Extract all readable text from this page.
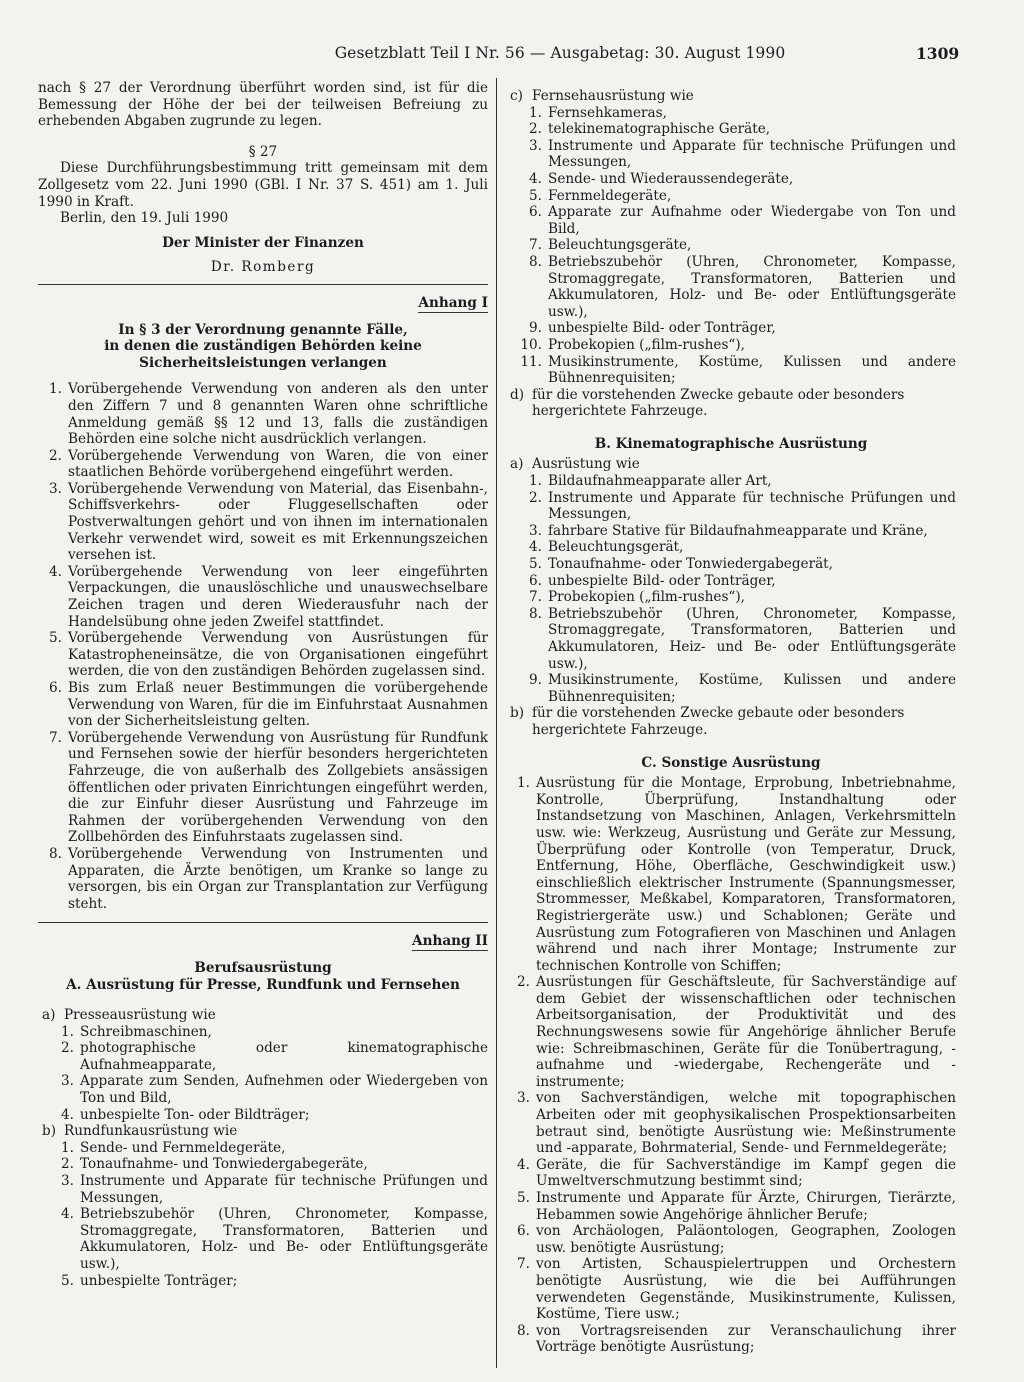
Gesetzblatt Teil I Nr. 56 — Ausgabetag: 30. August 1990	1309

nach § 27 der Verordnung überführt worden sind, ist für die Bemessung der Höhe der bei der teilweisen Befreiung zu erhebenden Abgaben zugrunde zu legen.

§ 27

Diese Durchführungsbestimmung tritt gemeinsam mit dem Zollgesetz vom 22. Juni 1990 (GBl. I Nr. 37 S. 451) am 1. Juli 1990 in Kraft.

Berlin, den 19. Juli 1990

Der Minister der Finanzen

Dr. Romberg

Anhang I
In § 3 der Verordnung genannte Fälle,
in denen die zuständigen Behörden keine
Sicherheitsleistungen verlangen
1. Vorübergehende Verwendung von anderen als den unter den Ziffern 7 und 8 genannten Waren ohne schriftliche Anmeldung gemäß §§ 12 und 13, falls die zuständigen Behörden eine solche nicht ausdrücklich verlangen.
2. Vorübergehende Verwendung von Waren, die von einer staatlichen Behörde vorübergehend eingeführt werden.
3. Vorübergehende Verwendung von Material, das Eisenbahn-, Schiffsverkehrs- oder Fluggesellschaften oder Postverwaltungen gehört und von ihnen im internationalen Verkehr verwendet wird, soweit es mit Erkennungszeichen versehen ist.
4. Vorübergehende Verwendung von leer eingeführten Verpackungen, die unauslöschliche und unauswechselbare Zeichen tragen und deren Wiederausfuhr nach der Handelsübung ohne jeden Zweifel stattfindet.
5. Vorübergehende Verwendung von Ausrüstungen für Katastropheneinsätze, die von Organisationen eingeführt werden, die von den zuständigen Behörden zugelassen sind.
6. Bis zum Erlaß neuer Bestimmungen die vorübergehende Verwendung von Waren, für die im Einfuhrstaat Ausnahmen von der Sicherheitsleistung gelten.
7. Vorübergehende Verwendung von Ausrüstung für Rundfunk und Fernsehen sowie der hierfür besonders hergerichteten Fahrzeuge, die von außerhalb des Zollgebiets ansässigen öffentlichen oder privaten Einrichtungen eingeführt werden, die zur Einfuhr dieser Ausrüstung und Fahrzeuge im Rahmen der vorübergehenden Verwendung von den Zollbehörden des Einfuhrstaats zugelassen sind.
8. Vorübergehende Verwendung von Instrumenten und Apparaten, die Ärzte benötigen, um Kranke so lange zu versorgen, bis ein Organ zur Transplantation zur Verfügung steht.
Anhang II
Berufsausrüstung
A. Ausrüstung für Presse, Rundfunk und Fernsehen
a) Presseausrüstung wie
1. Schreibmaschinen,
2. photographische oder kinematographische Aufnahmeapparate,
3. Apparate zum Senden, Aufnehmen oder Wiedergeben von Ton und Bild,
4. unbespielte Ton- oder Bildträger;
b) Rundfunkausrüstung wie
1. Sende- und Fernmeldegeräte,
2. Tonaufnahme- und Tonwiedergabegeräte,
3. Instrumente und Apparate für technische Prüfungen und Messungen,
4. Betriebszubehör (Uhren, Chronometer, Kompasse, Stromaggregate, Transformatoren, Batterien und Akkumulatoren, Holz- und Be- oder Entlüftungsgeräte usw.),
5. unbespielte Tonträger;
c) Fernsehausrüstung wie
1. Fernsehkameras,
2. telekinematographische Geräte,
3. Instrumente und Apparate für technische Prüfungen und Messungen,
4. Sende- und Wiederaussendegeräte,
5. Fernmeldegeräte,
6. Apparate zur Aufnahme oder Wiedergabe von Ton und Bild,
7. Beleuchtungsgeräte,
8. Betriebszubehör (Uhren, Chronometer, Kompasse, Stromaggregate, Transformatoren, Batterien und Akkumulatoren, Holz- und Be- oder Entlüftungsgeräte usw.),
9. unbespielte Bild- oder Tonträger,
10. Probekopien („film-rushes“),
11. Musikinstrumente, Kostüme, Kulissen und andere Bühnenrequisiten;
d) für die vorstehenden Zwecke gebaute oder besonders hergerichtete Fahrzeuge.
B. Kinematographische Ausrüstung
a) Ausrüstung wie
1. Bildaufnahmeapparate aller Art,
2. Instrumente und Apparate für technische Prüfungen und Messungen,
3. fahrbare Stative für Bildaufnahmeapparate und Kräne,
4. Beleuchtungsgerät,
5. Tonaufnahme- oder Tonwiedergabegerät,
6. unbespielte Bild- oder Tonträger,
7. Probekopien („film-rushes“),
8. Betriebszubehör (Uhren, Chronometer, Kompasse, Stromaggregate, Transformatoren, Batterien und Akkumulatoren, Heiz- und Be- oder Entlüftungsgeräte usw.),
9. Musikinstrumente, Kostüme, Kulissen und andere Bühnenrequisiten;
b) für die vorstehenden Zwecke gebaute oder besonders hergerichtete Fahrzeuge.
C. Sonstige Ausrüstung
1. Ausrüstung für die Montage, Erprobung, Inbetriebnahme, Kontrolle, Überprüfung, Instandhaltung oder Instandsetzung von Maschinen, Anlagen, Verkehrsmitteln usw. wie: Werkzeug, Ausrüstung und Geräte zur Messung, Überprüfung oder Kontrolle (von Temperatur, Druck, Entfernung, Höhe, Oberfläche, Geschwindigkeit usw.) einschließlich elektrischer Instrumente (Spannungsmesser, Strommesser, Meßkabel, Komparatoren, Transformatoren, Registriergeräte usw.) und Schablonen; Geräte und Ausrüstung zum Fotografieren von Maschinen und Anlagen während und nach ihrer Montage; Instrumente zur technischen Kontrolle von Schiffen;
2. Ausrüstungen für Geschäftsleute, für Sachverständige auf dem Gebiet der wissenschaftlichen oder technischen Arbeitsorganisation, der Produktivität und des Rechnungswesens sowie für Angehörige ähnlicher Berufe wie: Schreibmaschinen, Geräte für die Tonübertragung, -aufnahme und -wiedergabe, Rechengeräte und -instrumente;
3. von Sachverständigen, welche mit topographischen Arbeiten oder mit geophysikalischen Prospektionsarbeiten betraut sind, benötigte Ausrüstung wie: Meßinstrumente und -apparate, Bohrmaterial, Sende- und Fernmeldegeräte;
4. Geräte, die für Sachverständige im Kampf gegen die Umweltverschmutzung bestimmt sind;
5. Instrumente und Apparate für Ärzte, Chirurgen, Tierärzte, Hebammen sowie Angehörige ähnlicher Berufe;
6. von Archäologen, Paläontologen, Geographen, Zoologen usw. benötigte Ausrüstung;
7. von Artisten, Schauspielertruppen und Orchestern benötigte Ausrüstung, wie die bei Aufführungen verwendeten Gegenstände, Musikinstrumente, Kulissen, Kostüme, Tiere usw.;
8. von Vortragsreisenden zur Veranschaulichung ihrer Vorträge benötigte Ausrüstung;
